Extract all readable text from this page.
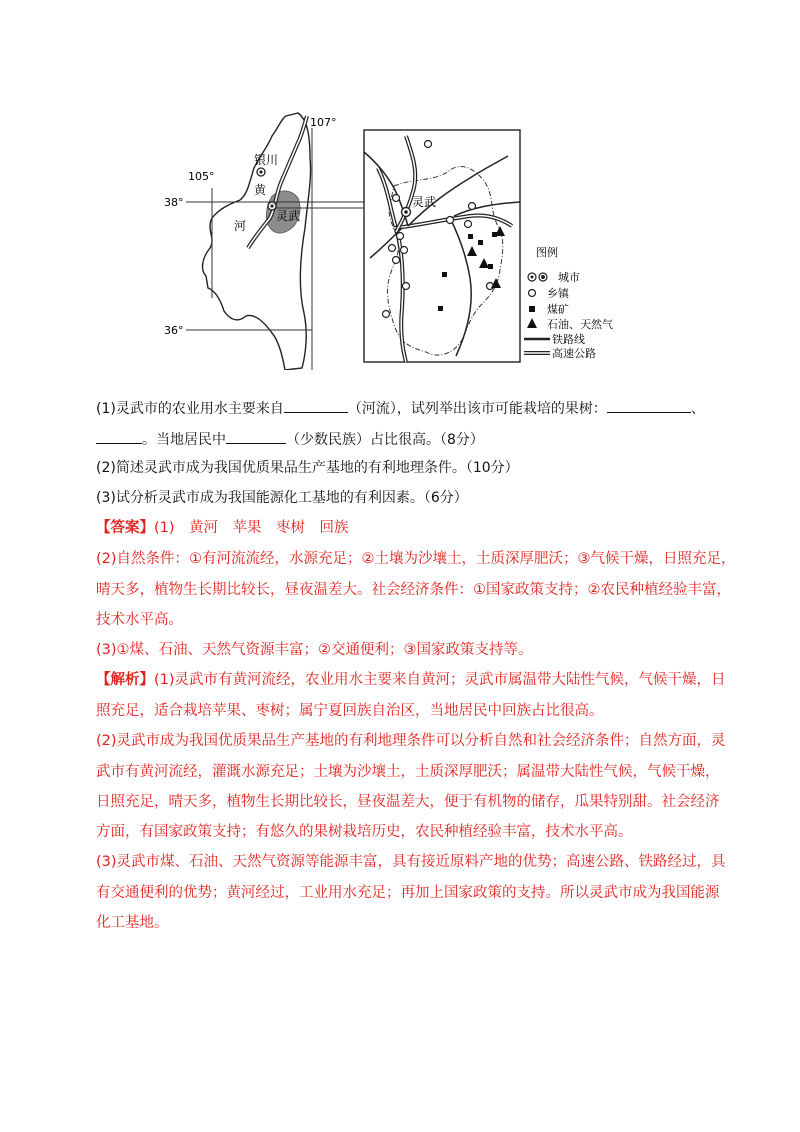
107°
105°
38°
36°
银川
黄
河
灵武
灵武
图例
城市
乡镇
煤矿
石油、天然气
铁路线
高速公路
(1)灵武市的农业用水主要来自	（河流），试列举出该市可能栽培的果树：	、
。当地居民中	（少数民族）占比很高。（8分）
(2)简述灵武市成为我国优质果品生产基地的有利地理条件。（10分）
(3)试分析灵武市成为我国能源化工基地的有利因素。（6分）
【答案】(1)　黄河　苹果　枣树　回族
(2)自然条件：①有河流流经，水源充足；②土壤为沙壤土，土质深厚肥沃；③气候干燥，日照充足，
晴天多，植物生长期比较长，昼夜温差大。社会经济条件：①国家政策支持；②农民种植经验丰富，
技术水平高。
(3)①煤、石油、天然气资源丰富；②交通便利；③国家政策支持等。
【解析】(1)灵武市有黄河流经，农业用水主要来自黄河；灵武市属温带大陆性气候，气候干燥，日
照充足，适合栽培苹果、枣树；属宁夏回族自治区，当地居民中回族占比很高。
(2)灵武市成为我国优质果品生产基地的有利地理条件可以分析自然和社会经济条件；自然方面，灵
武市有黄河流经，灌溉水源充足；土壤为沙壤土，土质深厚肥沃；属温带大陆性气候，气候干燥，
日照充足，晴天多，植物生长期比较长，昼夜温差大，便于有机物的储存，瓜果特别甜。社会经济
方面，有国家政策支持；有悠久的果树栽培历史，农民种植经验丰富，技术水平高。
(3)灵武市煤、石油、天然气资源等能源丰富，具有接近原料产地的优势；高速公路、铁路经过，具
有交通便利的优势；黄河经过，工业用水充足；再加上国家政策的支持。所以灵武市成为我国能源
化工基地。
